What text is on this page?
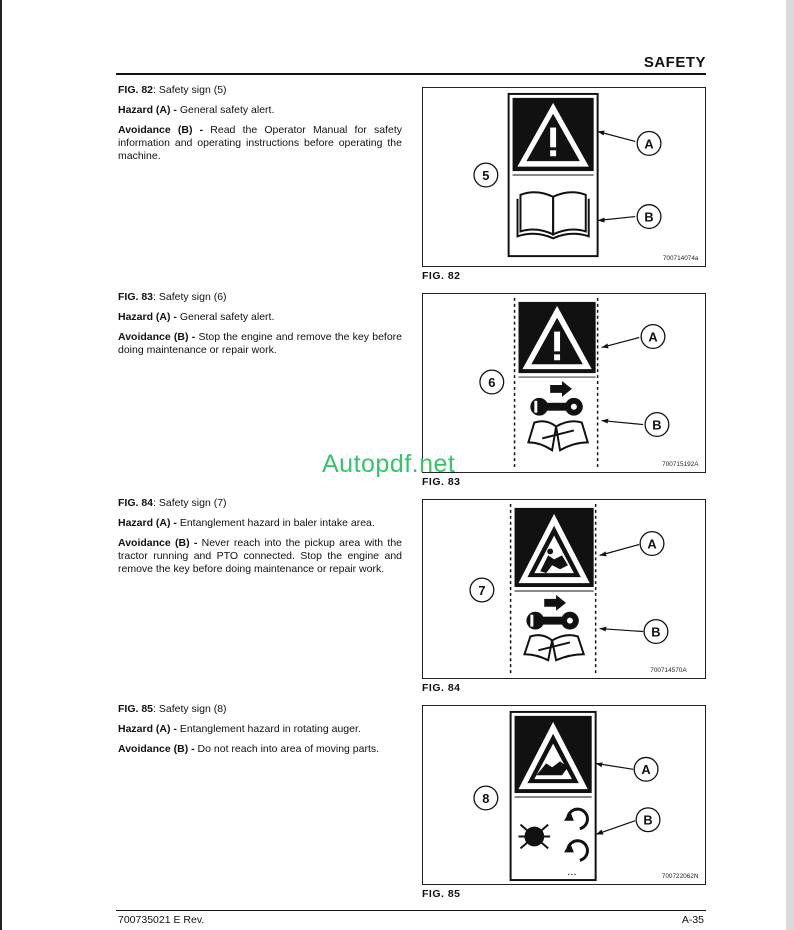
SAFETY

FIG. 82: Safety sign (5)

Hazard (A) - General safety alert.

Avoidance (B) - Read the Operator Manual for safety information and operating instructions before operating the machine.

A
B
5
700714074a
FIG. 82

FIG. 83: Safety sign (6)

Hazard (A) - General safety alert.

Avoidance (B) - Stop the engine and remove the key before doing maintenance or repair work.

A
B
6
700715192A
FIG. 83

FIG. 84: Safety sign (7)

Hazard (A) - Entanglement hazard in baler intake area.

Avoidance (B) - Never reach into the pickup area with the tractor running and PTO connected. Stop the engine and remove the key before doing maintenance or repair work.

A
B
7
700714570A
FIG. 84

FIG. 85: Safety sign (8)

Hazard (A) - Entanglement hazard in rotating auger.

Avoidance (B) - Do not reach into area of moving parts.

▪ ▪ ▪
A
B
8
700722062N
FIG. 85
Autopdf.net
700735021 E Rev.	A-35
